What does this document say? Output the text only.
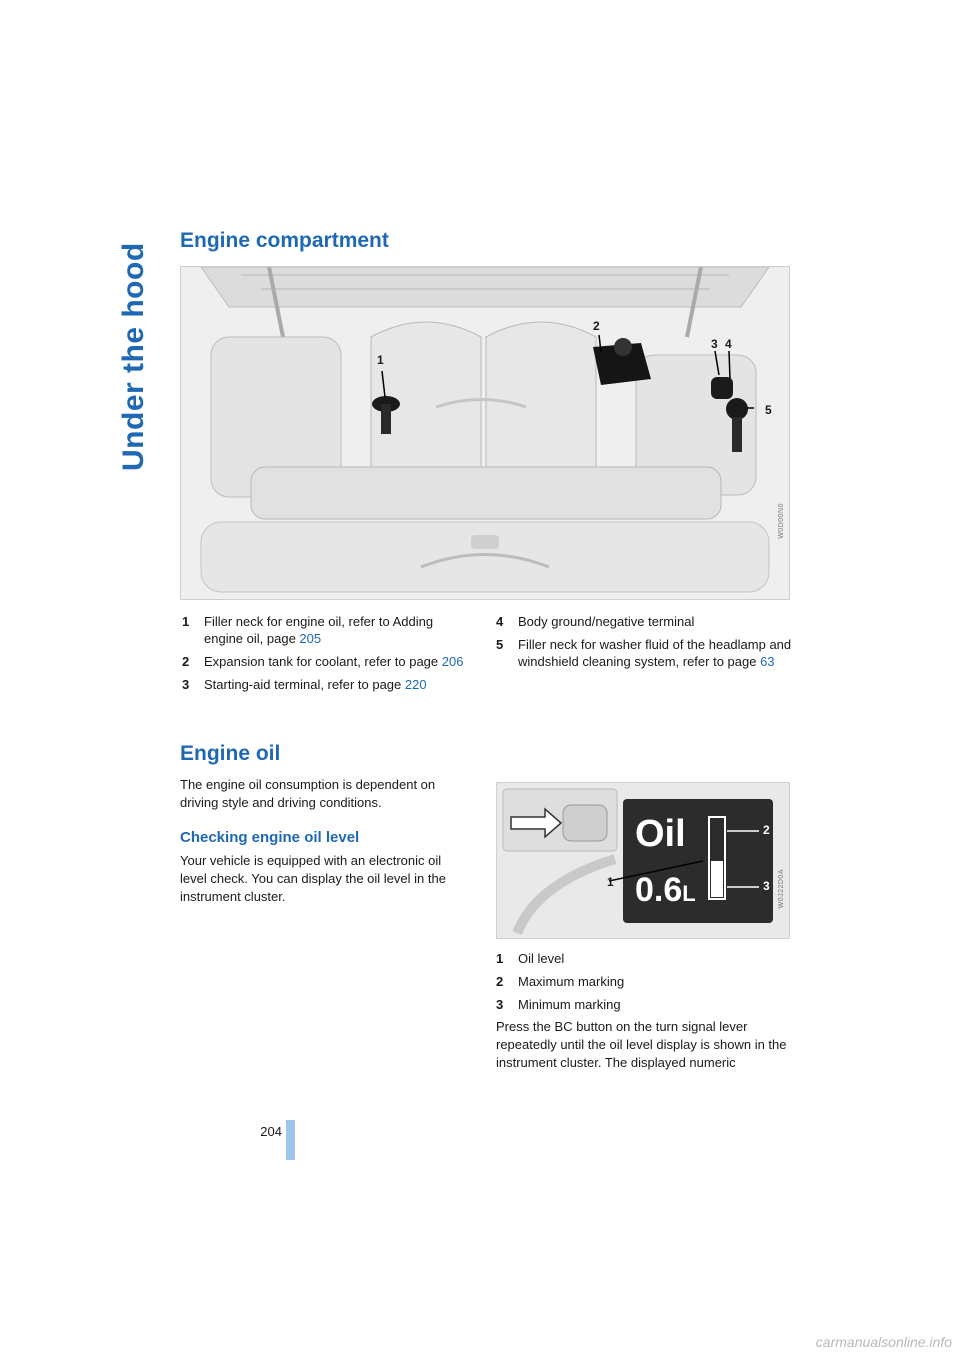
Under the hood
Engine compartment
1
2
3 4
5
W0D00N0
1 Filler neck for engine oil, refer to Adding engine oil, page 205
2 Expansion tank for coolant, refer to page 206
3 Starting-aid terminal, refer to page 220
4 Body ground/negative terminal
5 Filler neck for washer fluid of the headlamp and windshield cleaning system, refer to page 63
Engine oil

The engine oil consumption is dependent on driving style and driving conditions.

Checking engine oil level

Your vehicle is equipped with an electronic oil level check. You can display the oil level in the instrument cluster.

Oil
0.6L
1
2
3 W0J22D0A
1 Oil level
2 Maximum marking
3 Minimum marking

Press the BC button on the turn signal lever repeatedly until the oil level display is shown in the instrument cluster. The displayed numeric

204
carmanualsonline.info
